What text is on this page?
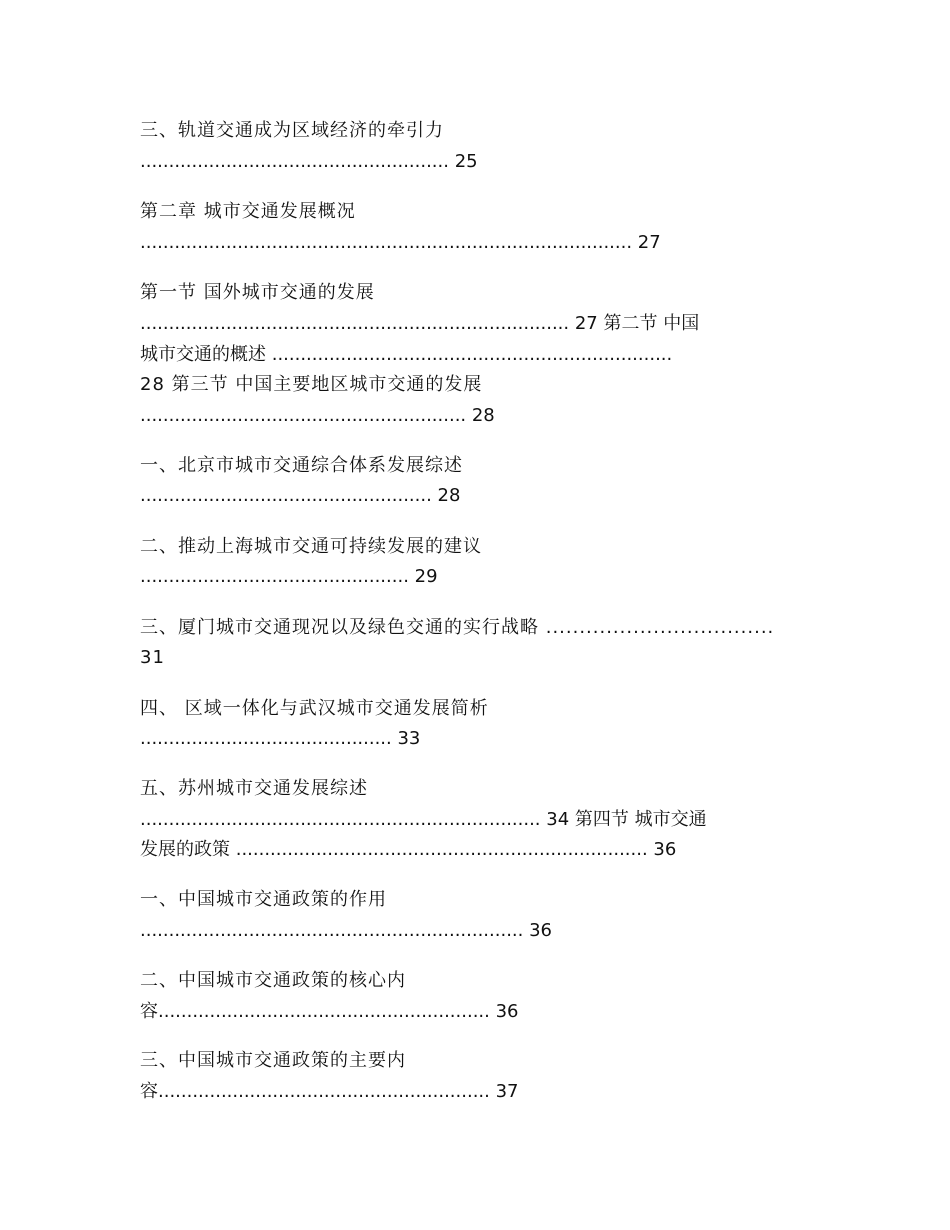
三、轨道交通成为区域经济的牵引力
...................................................... 25
第二章 城市交通发展概况
...................................................................................... 27
第一节 国外城市交通的发展
........................................................................... 27 第二节 中国
城市交通的概述 ......................................................................
28 第三节 中国主要地区城市交通的发展
......................................................... 28
一、北京市城市交通综合体系发展综述
................................................... 28
二、推动上海城市交通可持续发展的建议
............................................... 29
三、厦门城市交通现况以及绿色交通的实行战略 ..................................
31
四、 区域一体化与武汉城市交通发展简析
............................................ 33
五、苏州城市交通发展综述
...................................................................... 34 第四节 城市交通
发展的政策 ........................................................................ 36
一、中国城市交通政策的作用
................................................................... 36
二、中国城市交通政策的核心内
容.......................................................... 36
三、中国城市交通政策的主要内
容.......................................................... 37
